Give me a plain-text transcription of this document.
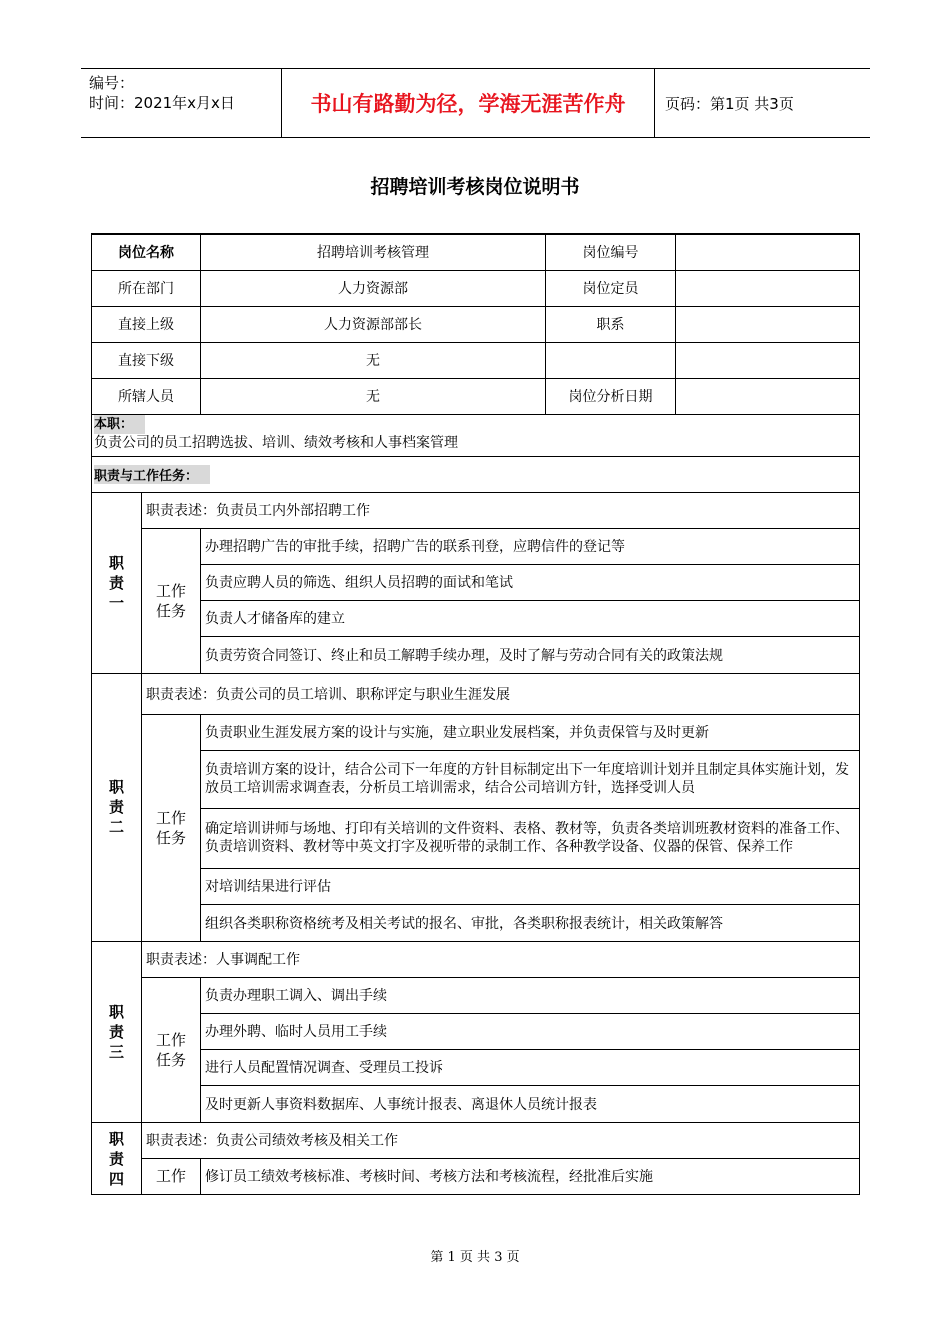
编号：
时间：2021年x月x日	书山有路勤为径，学海无涯苦作舟	页码：第1页 共3页
招聘培训考核岗位说明书
岗位名称		招聘培训考核管理	岗位编号	
所在部门		人力资源部	岗位定员	
直接上级		人力资源部部长	职系	
直接下级		无		
所辖人员		无	岗位分析日期	
本职：
负责公司的员工招聘选拔、培训、绩效考核和人事档案管理				
职责与工作任务：				
职责一	职责表述：负责员工内外部招聘工作			
	工作任务	办理招聘广告的审批手续，招聘广告的联系刊登，应聘信件的登记等		
		负责应聘人员的筛选、组织人员招聘的面试和笔试		
		负责人才储备库的建立		
		负责劳资合同签订、终止和员工解聘手续办理，及时了解与劳动合同有关的政策法规		
职责二	职责表述：负责公司的员工培训、职称评定与职业生涯发展			
	工作任务	负责职业生涯发展方案的设计与实施，建立职业发展档案，并负责保管与及时更新		
		负责培训方案的设计，结合公司下一年度的方针目标制定出下一年度培训计划并且制定具体实施计划，发放员工培训需求调查表，分析员工培训需求，结合公司培训方针，选择受训人员		
		确定培训讲师与场地、打印有关培训的文件资料、表格、教材等，负责各类培训班教材资料的准备工作、负责培训资料、教材等中英文打字及视听带的录制工作、各种教学设备、仪器的保管、保养工作		
		对培训结果进行评估		
		组织各类职称资格统考及相关考试的报名、审批，各类职称报表统计，相关政策解答		
职责三	职责表述：人事调配工作			
	工作任务	负责办理职工调入、调出手续		
		办理外聘、临时人员用工手续		
		进行人员配置情况调查、受理员工投诉		
		及时更新人事资料数据库、人事统计报表、离退休人员统计报表		
职责四	职责表述：负责公司绩效考核及相关工作			
	工作	修订员工绩效考核标准、考核时间、考核方法和考核流程，经批准后实施		
第 1 页 共 3 页
